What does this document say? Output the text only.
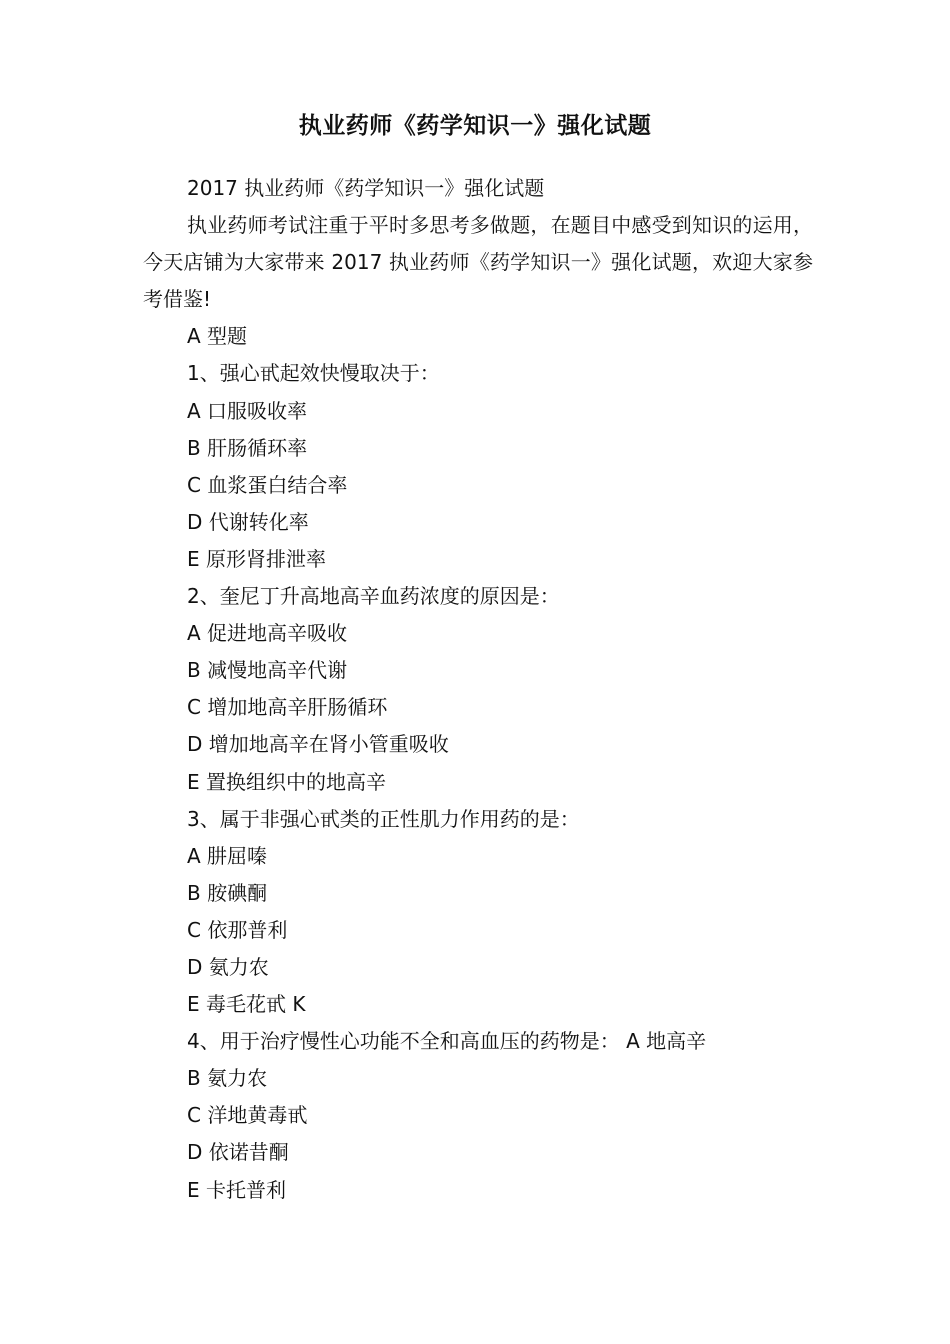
执业药师《药学知识一》强化试题

2017 执业药师《药学知识一》强化试题

执业药师考试注重于平时多思考多做题，在题目中感受到知识的运用，今天店铺为大家带来 2017 执业药师《药学知识一》强化试题，欢迎大家参考借鉴!

A 型题

1、强心甙起效快慢取决于：

A 口服吸收率

B 肝肠循环率

C 血浆蛋白结合率

D 代谢转化率

E 原形肾排泄率

2、奎尼丁升高地高辛血药浓度的原因是：

A 促进地高辛吸收

B 减慢地高辛代谢

C 增加地高辛肝肠循环

D 增加地高辛在肾小管重吸收

E 置换组织中的地高辛

3、属于非强心甙类的正性肌力作用药的是：

A 肼屈嗪

B 胺碘酮

C 依那普利

D 氨力农

E 毒毛花甙 K

4、用于治疗慢性心功能不全和高血压的药物是： A 地高辛

B 氨力农

C 洋地黄毒甙

D 依诺昔酮

E 卡托普利
